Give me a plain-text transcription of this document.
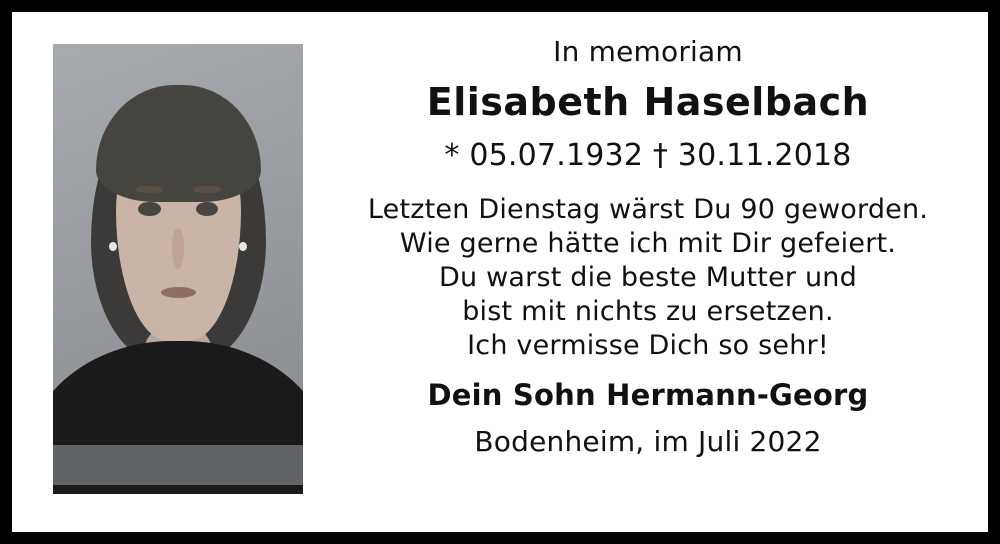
In memoriam
Elisabeth Haselbach
* 05.07.1932 † 30.11.2018
Letzten Dienstag wärst Du 90 geworden.
Wie gerne hätte ich mit Dir gefeiert.
Du warst die beste Mutter und
bist mit nichts zu ersetzen.
Ich vermisse Dich so sehr!
Dein Sohn Hermann-Georg
Bodenheim, im Juli 2022
